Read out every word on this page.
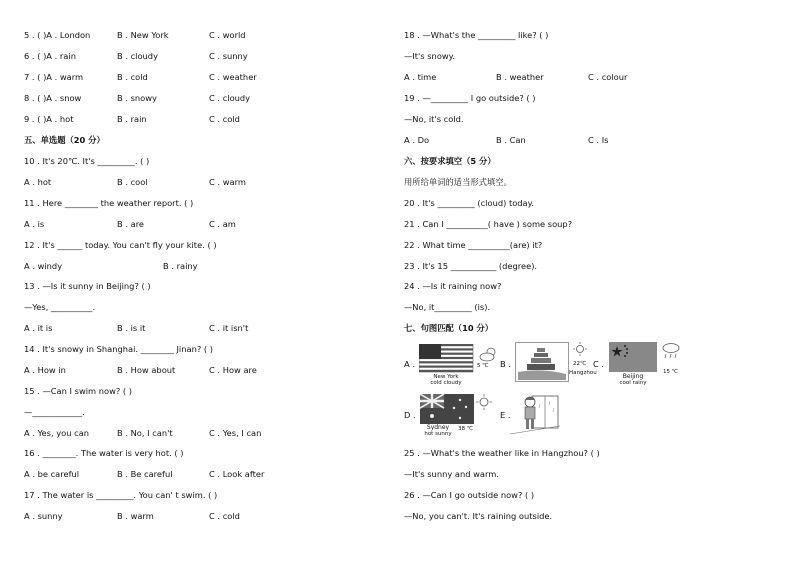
5 . ( )A . London	B . New York	C . world
6 . ( )A . rain	B . cloudy	C . sunny
7 . ( )A . warm	B . cold	C . weather
8 . ( )A . snow	B . snowy	C . cloudy
9 . ( )A . hot	B . rain	C . cold
五、单选题（20 分）
10 . It's 20℃. It's _________. ( )
A . hot	B . cool	C . warm
11 . Here ________ the weather report. ( )
A . is	B . are	C . am
12 . It's ______ today. You can't fly your kite. ( )
A . windy	B . rainy
13 . —Is it sunny in Beijing? ( )
—Yes, __________.
A . it is	B . is it	C . it isn't
14 . It's snowy in Shanghai. ________ Jinan? ( )
A . How in	B . How about	C . How are
15 . —Can I swim now? ( )
—____________.
A . Yes, you can	B . No, I can't	C . Yes, I can
16 . ________. The water is very hot. ( )
A . be careful	B . Be careful	C . Look after
17 . The water is _________. You can' t swim. ( )
A . sunny	B . warm	C . cold
A .
New York
cold cloudy
5 ℃ B .	22℃
Hangzhou
C .
Beijing
cool rainy
15 ℃
D .
Sydney
hot sunny
38 ℃
E .
18 . —What's the _________ like? ( )
—It's snowy.
A . time	B . weather	C . colour
19 . —_________ I go outside? ( )
—No, it's cold.
A . Do	B . Can	C . Is
六、按要求填空（5 分）
用所给单词的适当形式填空。
20 . It's _________ (cloud) today.
21 . Can I __________( have ) some soup?
22 . What time __________(are) it?
23 . It's 15 ___________ (degree).
24 . —Is it raining now?
—No, it_________ (is).
七、句图匹配（10 分）
25 . —What's the weather like in Hangzhou? ( )
—It's sunny and warm.
26 . —Can I go outside now? ( )
—No, you can't. It's raining outside.
